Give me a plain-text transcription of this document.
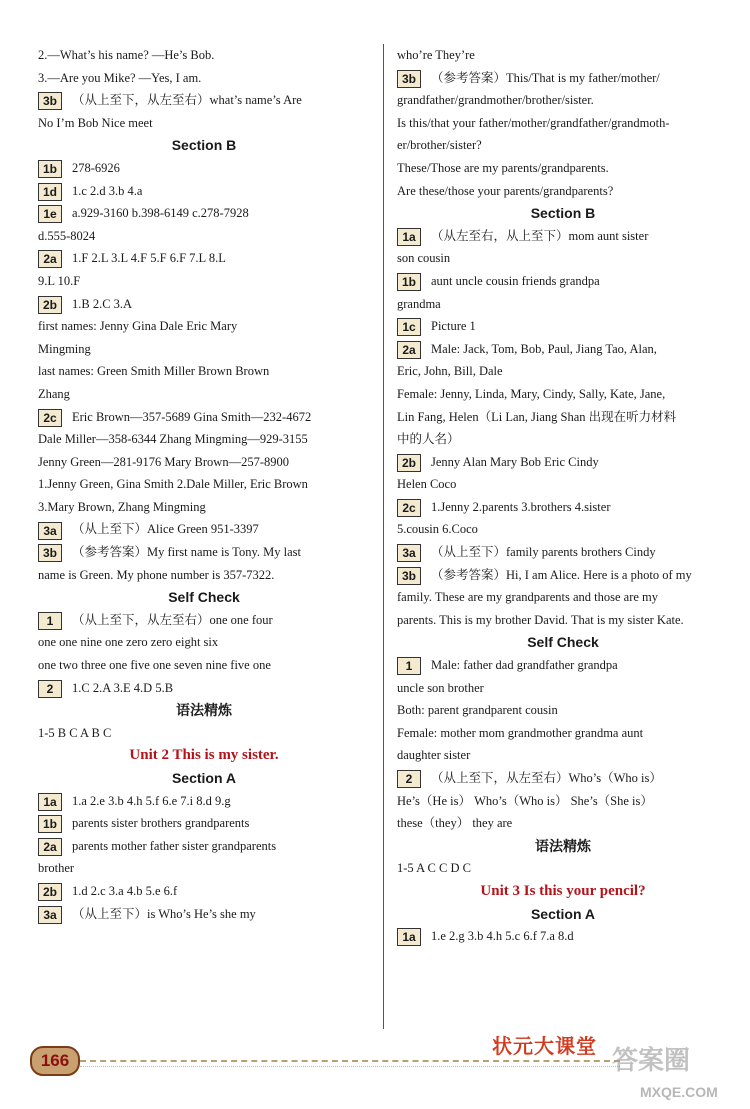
2.—What’s his name? —He’s Bob.
3.—Are you Mike? —Yes, I am.
3b （从上至下，从左至右）what’s name’s Are
No I’m Bob Nice meet
Section B
1b 278-6926
1d 1.c 2.d 3.b 4.a
1e a.929-3160 b.398-6149 c.278-7928
d.555-8024
2a 1.F 2.L 3.L 4.F 5.F 6.F 7.L 8.L
9.L 10.F
2b 1.B 2.C 3.A
first names: Jenny Gina Dale Eric Mary
Mingming
last names: Green Smith Miller Brown Brown
Zhang
2c Eric Brown—357-5689 Gina Smith—232-4672
Dale Miller—358-6344 Zhang Mingming—929-3155
Jenny Green—281-9176 Mary Brown—257-8900
1.Jenny Green, Gina Smith 2.Dale Miller, Eric Brown
3.Mary Brown, Zhang Mingming
3a （从上至下）Alice Green 951-3397
3b （参考答案）My first name is Tony. My last
name is Green. My phone number is 357-7322.
Self Check
1 （从上至下，从左至右）one one four
one one nine one zero zero eight six
one two three one five one seven nine five one
2 1.C 2.A 3.E 4.D 5.B
语法精炼
1-5 B C A B C
Unit 2 This is my sister.
Section A
1a 1.a 2.e 3.b 4.h 5.f 6.e 7.i 8.d 9.g
1b parents sister brothers grandparents
2a parents mother father sister grandparents
brother
2b 1.d 2.c 3.a 4.b 5.e 6.f
3a （从上至下）is Who’s He’s she my
who’re They’re
3b （参考答案）This/That is my father/mother/
grandfather/grandmother/brother/sister.
Is this/that your father/mother/grandfather/grandmoth-
er/brother/sister?
These/Those are my parents/grandparents.
Are these/those your parents/grandparents?
Section B
1a （从左至右，从上至下）mom aunt sister
son cousin
1b aunt uncle cousin friends grandpa
grandma
1c Picture 1
2a Male: Jack, Tom, Bob, Paul, Jiang Tao, Alan,
Eric, John, Bill, Dale
Female: Jenny, Linda, Mary, Cindy, Sally, Kate, Jane,
Lin Fang, Helen（Li Lan, Jiang Shan 出现在听力材料
中的人名）
2b Jenny Alan Mary Bob Eric Cindy
Helen Coco
2c 1.Jenny 2.parents 3.brothers 4.sister
5.cousin 6.Coco
3a （从上至下）family parents brothers Cindy
3b （参考答案）Hi, I am Alice. Here is a photo of my
family. These are my grandparents and those are my
parents. This is my brother David. That is my sister Kate.
Self Check
1 Male: father dad grandfather grandpa
uncle son brother
Both: parent grandparent cousin
Female: mother mom grandmother grandma aunt
daughter sister
2 （从上至下，从左至右）Who’s（Who is）
He’s（He is） Who’s（Who is） She’s（She is）
these（they） they are
语法精炼
1-5 A C C D C
Unit 3 Is this your pencil?
Section A
1a 1.e 2.g 3.b 4.h 5.c 6.f 7.a 8.d
166
状元大课堂 答案圈
MXQE.COM
